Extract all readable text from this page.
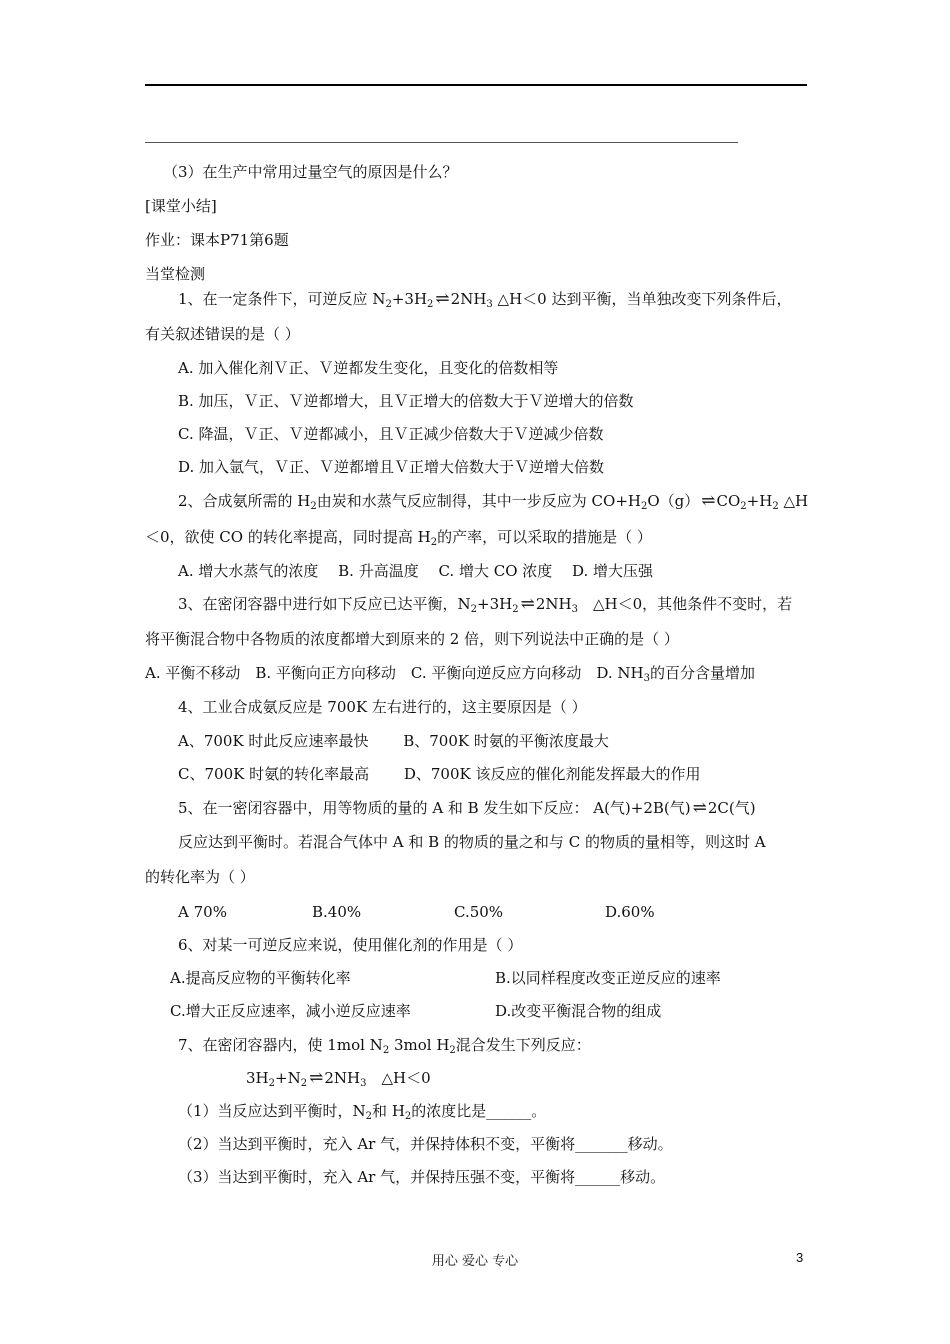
（3）在生产中常用过量空气的原因是什么？
[课堂小结]
作业：课本P71第6题
当堂检测
1、在一定条件下，可逆反应 $N_2+3H_2$ ⇌ $2NH_3$ △H＜0 达到平衡，当单独改变下列条件后，
有关叙述错误的是（ ）
A. 加入催化剂Ｖ正、Ｖ逆都发生变化，且变化的倍数相等
B. 加压，Ｖ正、Ｖ逆都增大，且Ｖ正增大的倍数大于Ｖ逆增大的倍数
C. 降温，Ｖ正、Ｖ逆都减小，且Ｖ正减少倍数大于Ｖ逆减少倍数
D. 加入氩气，Ｖ正、Ｖ逆都增且Ｖ正增大倍数大于Ｖ逆增大倍数
2、合成氨所需的 $H_2$由炭和水蒸气反应制得，其中一步反应为 $CO+H_2O(g)$ ⇌ $CO_2+H_2$ △H
＜0，欲使 CO 的转化率提高，同时提高 $H_2$的产率，可以采取的措施是（ ）
A. 增大水蒸气的浓度　 B. 升高温度　 C. 增大 CO 浓度　 D. 增大压强
3、在密闭容器中进行如下反应已达平衡，$N_2+3H_2$ ⇌ $2NH_3$　△H＜0，其他条件不变时，若
将平衡混合物中各物质的浓度都增大到原来的 2 倍，则下列说法中正确的是（ ）
A. 平衡不移动　B. 平衡向正方向移动　C. 平衡向逆反应方向移动　D. $NH_3$的百分含量增加
4、工业合成氨反应是 700K 左右进行的，这主要原因是（ ）
A、700K 时此反应速率最快　　 B、700K 时氨的平衡浓度最大
C、700K 时氨的转化率最高　　 D、700K 该反应的催化剂能发挥最大的作用
5、在一密闭容器中，用等物质的量的 A 和 B 发生如下反应： A(气)+2B(气) ⇌ 2C(气)
反应达到平衡时。若混合气体中 A 和 B 的物质的量之和与 C 的物质的量相等，则这时 A
的转化率为（ ）
A 70%	B.40%	C.50%	D.60%
6、对某一可逆反应来说，使用催化剂的作用是（ ）
A.提高反应物的平衡转化率	B.以同样程度改变正逆反应的速率
C.增大正反应速率，减小逆反应速率	D.改变平衡混合物的组成
7、在密闭容器内，使 1mol $N_2$ 3mol $H_2$混合发生下列反应：
$3H_2+N_2$ ⇌ $2NH_3$　△H＜0
（1）当反应达到平衡时，$N_2$和 $H_2$的浓度比是______。
（2）当达到平衡时，充入 Ar 气，并保持体积不变，平衡将_______移动。
（3）当达到平衡时，充入 Ar 气，并保持压强不变，平衡将______移动。
用心 爱心 专心	3
